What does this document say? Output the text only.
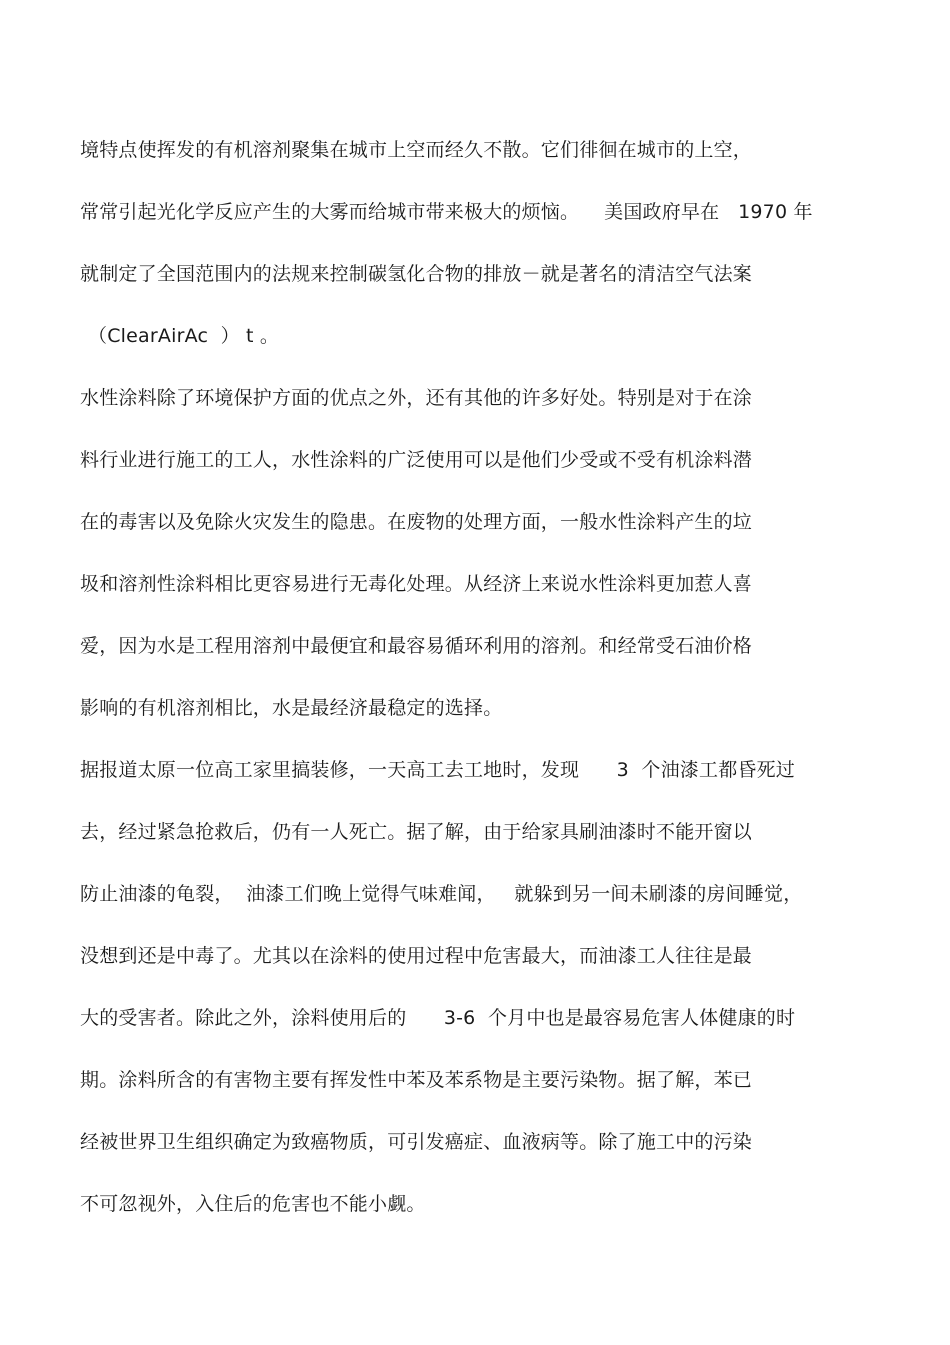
境特点使挥发的有机溶剂聚集在城市上空而经久不散。它们徘徊在城市的上空，
常常引起光化学反应产生的大雾而给城市带来极大的烦恼。    美国政府早在   1970 年
就制定了全国范围内的法规来控制碳氢化合物的排放－就是著名的清洁空气法案
（ClearAirAc  ） t 。
水性涂料除了环境保护方面的优点之外，还有其他的许多好处。特别是对于在涂
料行业进行施工的工人，水性涂料的广泛使用可以是他们少受或不受有机涂料潜
在的毒害以及免除火灾发生的隐患。在废物的处理方面，一般水性涂料产生的垃
圾和溶剂性涂料相比更容易进行无毒化处理。从经济上来说水性涂料更加惹人喜
爱，因为水是工程用溶剂中最便宜和最容易循环利用的溶剂。和经常受石油价格
影响的有机溶剂相比，水是最经济最稳定的选择。
据报道太原一位高工家里搞装修，一天高工去工地时，发现      3  个油漆工都昏死过
去，经过紧急抢救后，仍有一人死亡。据了解，由于给家具刷油漆时不能开窗以
防止油漆的龟裂，  油漆工们晚上觉得气味难闻，   就躲到另一间未刷漆的房间睡觉，
没想到还是中毒了。尤其以在涂料的使用过程中危害最大，而油漆工人往往是最
大的受害者。除此之外，涂料使用后的      3-6  个月中也是最容易危害人体健康的时
期。涂料所含的有害物主要有挥发性中苯及苯系物是主要污染物。据了解，苯已
经被世界卫生组织确定为致癌物质，可引发癌症、血液病等。除了施工中的污染
不可忽视外，入住后的危害也不能小觑。
